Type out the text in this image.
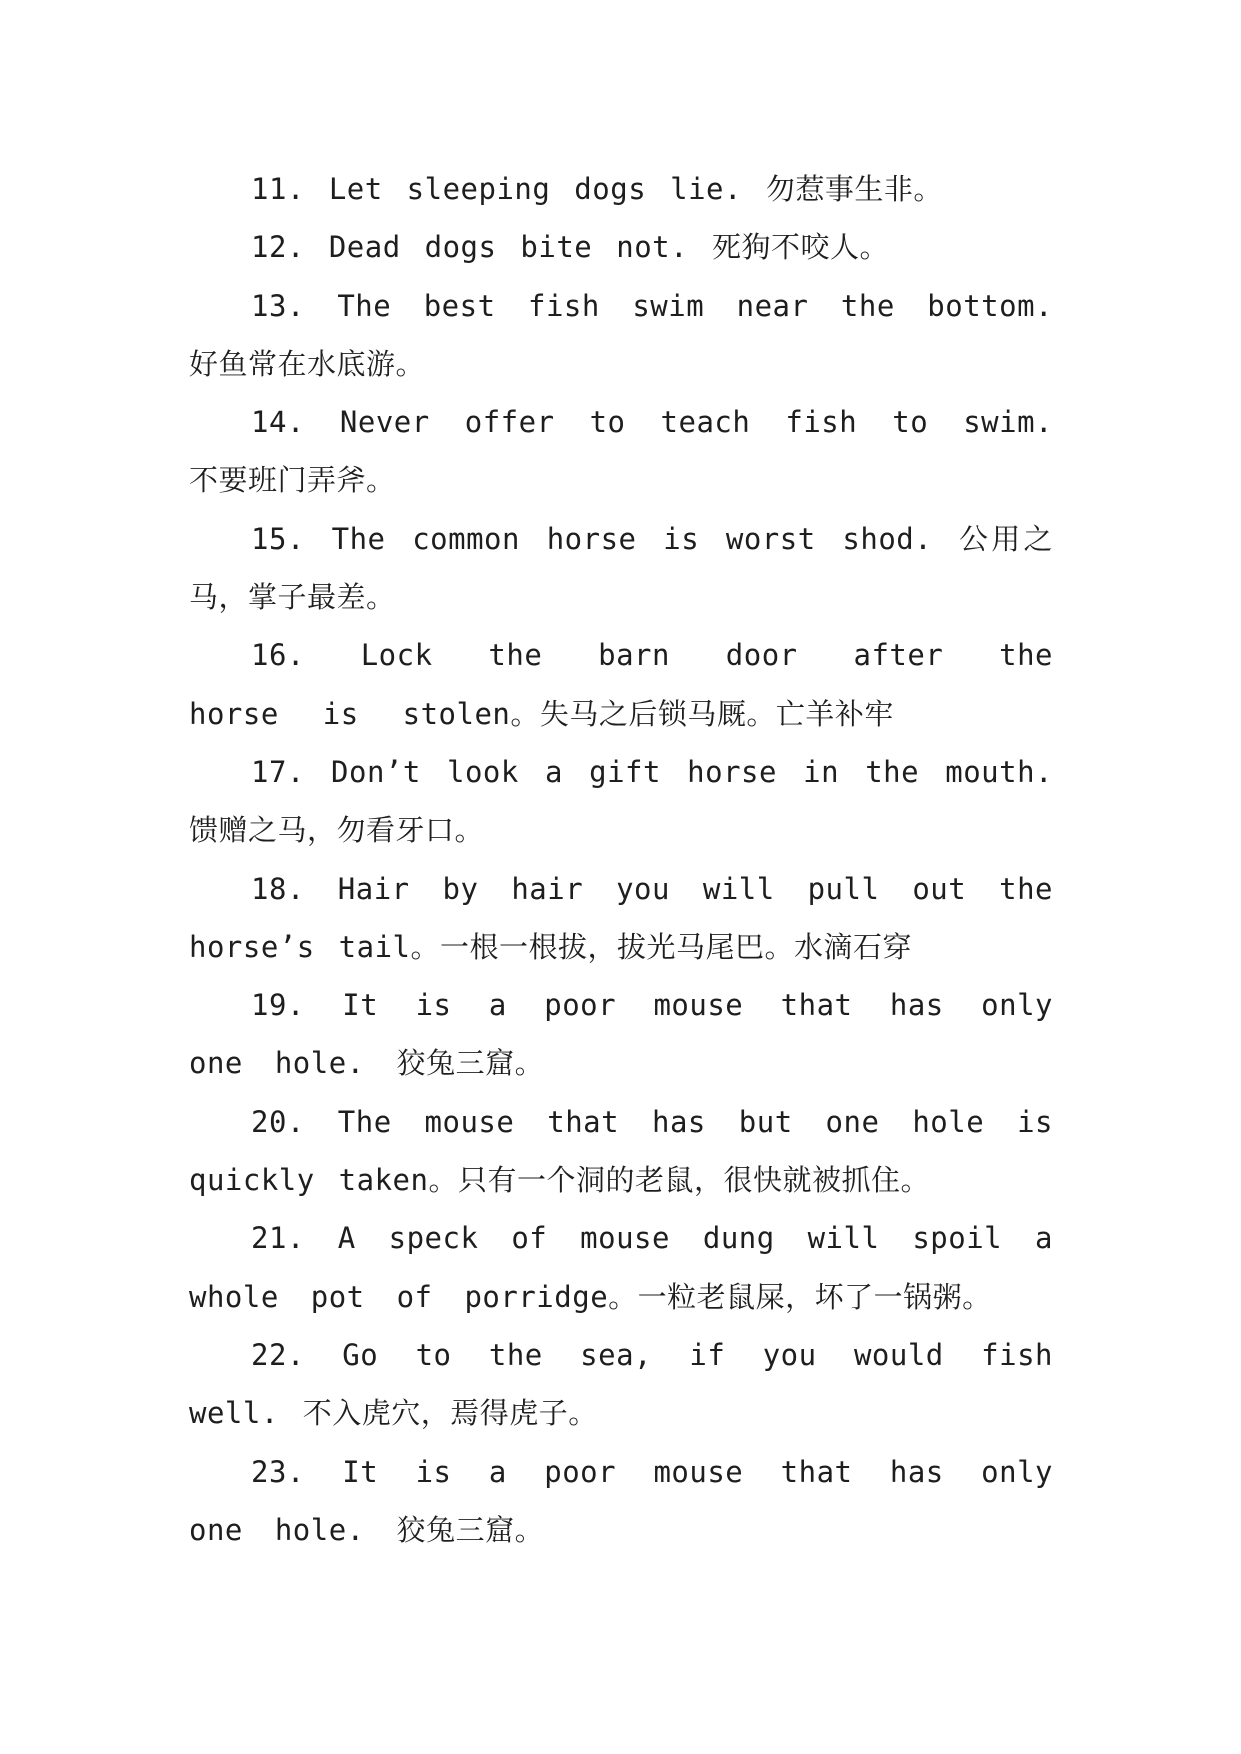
11. Let sleeping dogs lie. 勿惹事生非。

12. Dead dogs bite not. 死狗不咬人。

13. The best fish swim near the bottom. 好鱼常在水底游。

14. Never offer to teach fish to swim. 不要班门弄斧。

15. The common horse is worst shod. 公用之马，掌子最差。

16. Lock the barn door after the horse is stolen。失马之后锁马厩。亡羊补牢

17. Don’t look a gift horse in the mouth. 馈赠之马，勿看牙口。

18. Hair by hair you will pull out the horse’s tail。一根一根拔，拔光马尾巴。水滴石穿

19. It is a poor mouse that has only one hole. 狡兔三窟。

20. The mouse that has but one hole is quickly taken。只有一个洞的老鼠，很快就被抓住。

21. A speck of mouse dung will spoil a whole pot of porridge。一粒老鼠屎，坏了一锅粥。

22. Go to the sea, if you would fish well. 不入虎穴，焉得虎子。

23. It is a poor mouse that has only one hole. 狡兔三窟。
